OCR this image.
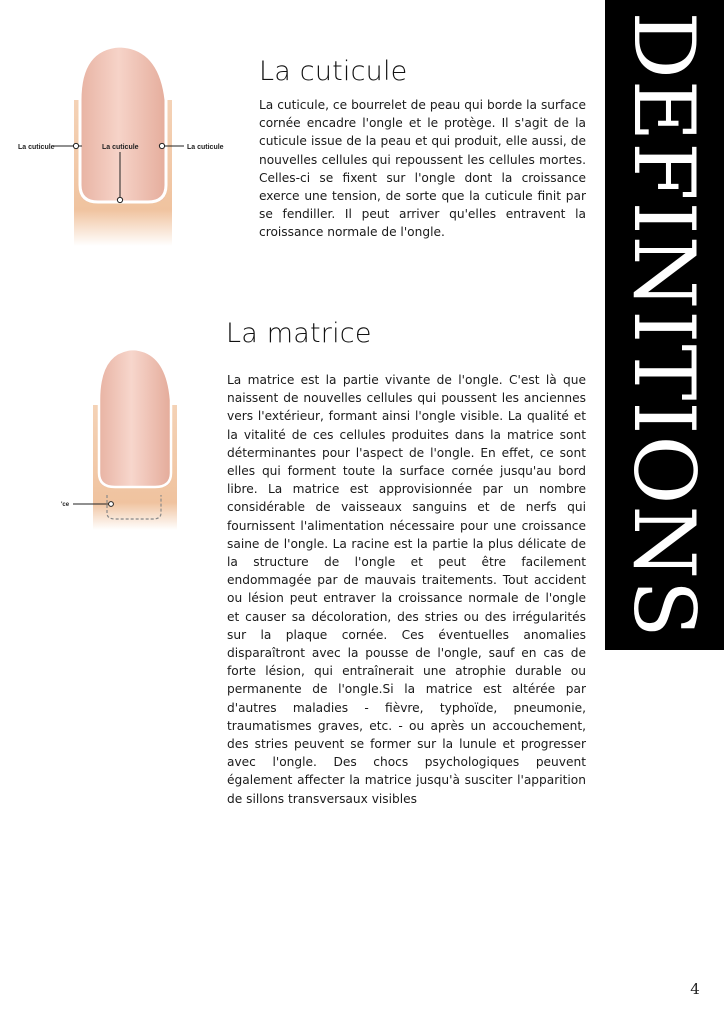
DEFINITIONS
La cuticule	La cuticule	La cuticule
La cuticule

La cuticule, ce bourrelet de peau qui borde la surface cornée encadre l'ongle et le protège. Il s'agit de la cuticule issue de la peau et qui produit, elle aussi, de nouvelles cellules qui repoussent les cellules mortes. Celles-ci se fixent sur l'ongle dont la croissance exerce une tension, de sorte que la cuticule finit par se fendiller. Il peut arriver qu'elles entravent la croissance normale de l'ongle.

'ce
La matrice

La matrice est la partie vivante de l'ongle. C'est là que naissent de nouvelles cellules qui poussent les anciennes vers l'extérieur, formant ainsi l'ongle visible. La qualité et la vitalité de ces cellules produites dans la matrice sont déterminantes pour l'aspect de l'ongle. En effet, ce sont elles qui forment toute la surface cornée jusqu'au bord libre. La matrice est approvisionnée par un nombre considérable de vaisseaux sanguins et de nerfs qui fournissent l'alimentation nécessaire pour une croissance saine de l'ongle. La racine est la partie la plus délicate de la structure de l'ongle et peut être facilement endommagée par de mauvais traitements. Tout accident ou lésion peut entraver la croissance normale de l'ongle et causer sa décoloration, des stries ou des irrégularités sur la plaque cornée. Ces éventuelles anomalies disparaîtront avec la pousse de l'ongle, sauf en cas de forte lésion, qui entraînerait une atrophie durable ou permanente de l'ongle.Si la matrice est altérée par d'autres maladies - fièvre, typhoïde, pneumonie, traumatismes graves, etc. - ou après un accouchement, des stries peuvent se former sur la lunule et progresser avec l'ongle. Des chocs psychologiques peuvent également affecter la matrice jusqu'à susciter l'apparition de sillons transversaux visibles

4
